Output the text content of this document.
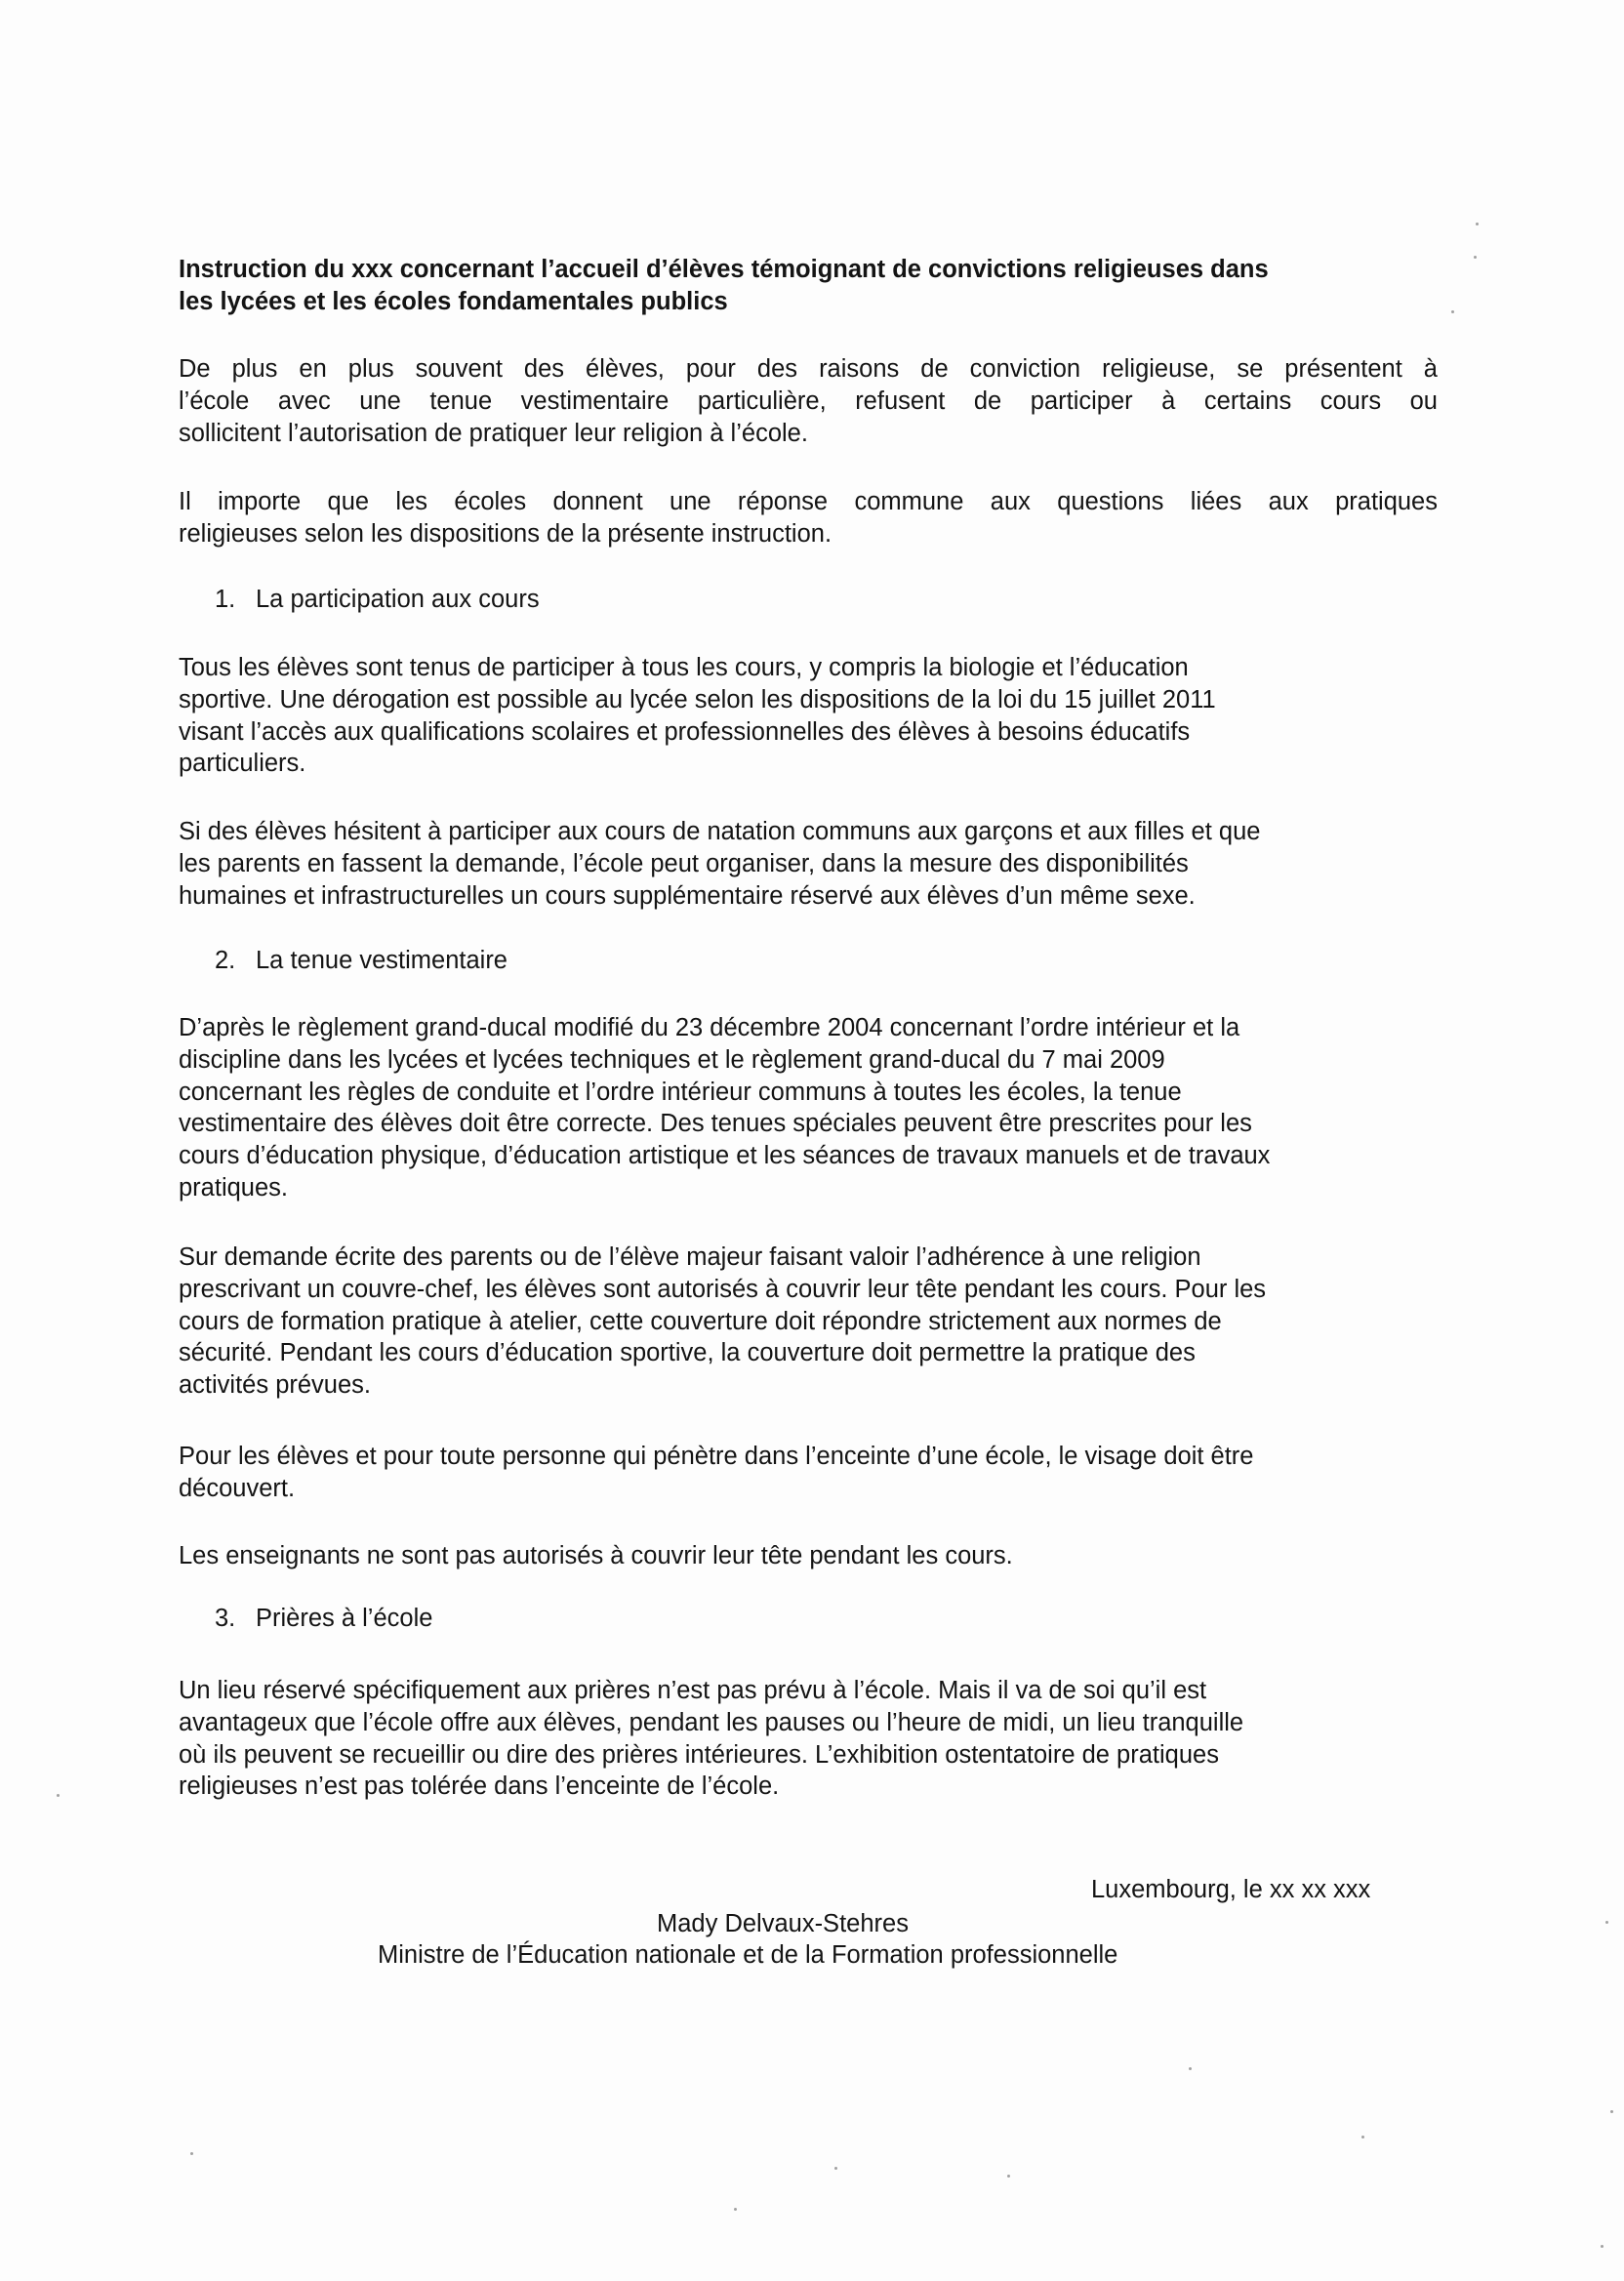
Instruction du xxx concernant l’accueil d’élèves témoignant de convictions religieuses dans
les lycées et les écoles fondamentales publics
De plus en plus souvent des élèves, pour des raisons de conviction religieuse, se présentent à
l’école avec une tenue vestimentaire particulière, refusent de participer à certains cours ou
sollicitent l’autorisation de pratiquer leur religion à l’école.
Il importe que les écoles donnent une réponse commune aux questions liées aux pratiques
religieuses selon les dispositions de la présente instruction.
1. La participation aux cours
Tous les élèves sont tenus de participer à tous les cours, y compris la biologie et l’éducation
sportive. Une dérogation est possible au lycée selon les dispositions de la loi du 15 juillet 2011
visant l’accès aux qualifications scolaires et professionnelles des élèves à besoins éducatifs
particuliers.
Si des élèves hésitent à participer aux cours de natation communs aux garçons et aux filles et que
les parents en fassent la demande, l’école peut organiser, dans la mesure des disponibilités
humaines et infrastructurelles un cours supplémentaire réservé aux élèves d’un même sexe.
2. La tenue vestimentaire
D’après le règlement grand-ducal modifié du 23 décembre 2004 concernant l’ordre intérieur et la
discipline dans les lycées et lycées techniques et le règlement grand-ducal du 7 mai 2009
concernant les règles de conduite et l’ordre intérieur communs à toutes les écoles, la tenue
vestimentaire des élèves doit être correcte. Des tenues spéciales peuvent être prescrites pour les
cours d’éducation physique, d’éducation artistique et les séances de travaux manuels et de travaux
pratiques.
Sur demande écrite des parents ou de l’élève majeur faisant valoir l’adhérence à une religion
prescrivant un couvre-chef, les élèves sont autorisés à couvrir leur tête pendant les cours. Pour les
cours de formation pratique à atelier, cette couverture doit répondre strictement aux normes de
sécurité. Pendant les cours d’éducation sportive, la couverture doit permettre la pratique des
activités prévues.
Pour les élèves et pour toute personne qui pénètre dans l’enceinte d’une école, le visage doit être
découvert.
Les enseignants ne sont pas autorisés à couvrir leur tête pendant les cours.
3. Prières à l’école
Un lieu réservé spécifiquement aux prières n’est pas prévu à l’école. Mais il va de soi qu’il est
avantageux que l’école offre aux élèves, pendant les pauses ou l’heure de midi, un lieu tranquille
où ils peuvent se recueillir ou dire des prières intérieures. L’exhibition ostentatoire de pratiques
religieuses n’est pas tolérée dans l’enceinte de l’école.
Luxembourg, le xx xx xxx
Mady Delvaux-Stehres
Ministre de l’Éducation nationale et de la Formation professionnelle
